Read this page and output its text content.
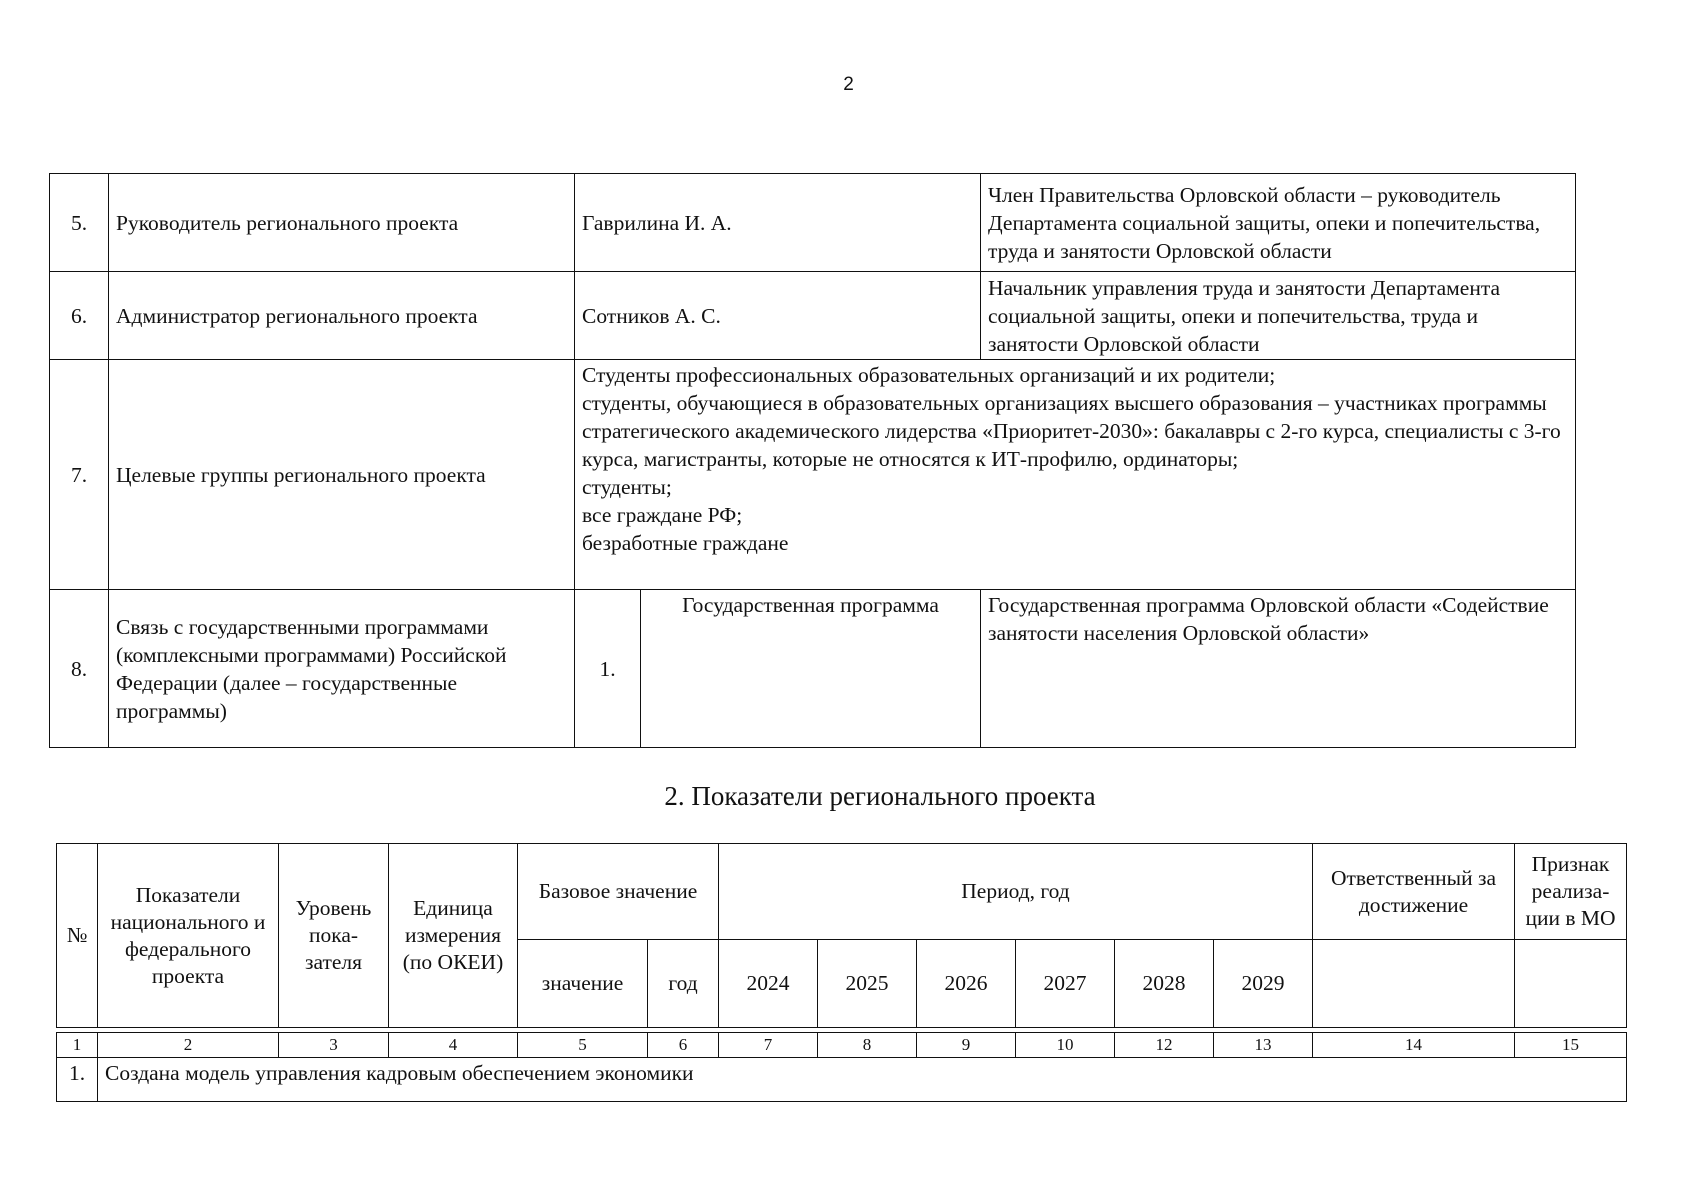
2
5.	Руководитель регионального проекта	Гаврилина И. А.		Член Правительства Орловской области – руководитель Департамента социальной защиты, опеки и попечительства, труда и занятости Орловской области
6.	Администратор регионального проекта	Сотников А. С.		Начальник управления труда и занятости Департамента социальной защиты, опеки и попечительства, труда и занятости Орловской области
7.	Целевые группы регионального проекта	Студенты профессиональных образовательных организаций и их родители;
студенты, обучающиеся в образовательных организациях высшего образования – участниках программы стратегического академического лидерства «Приоритет-2030»: бакалавры с 2-го курса, специалисты с 3-го курса, магистранты, которые не относятся к ИТ-профилю, ординаторы;
студенты;
все граждане РФ;
безработные граждане		

8.	Связь с государственными программами (комплексными программами) Российской Федерации (далее – государственные программы)	1.	Государственная программа	Государственная программа Орловской области «Содействие занятости населения Орловской области»
2. Показатели регионального проекта
№	Показатели национального и федерального проекта	Уровень пока-зателя	Единица измерения (по ОКЕИ)	Базовое значение		Период, год						Ответственный за достижение	Признак реализа-ции в МО
				значение	год	2024	2025	2026	2027	2028	2029		

1	2	3	4	5	6	7	8	9	10	12	13	14	15
1.	Создана модель управления кадровым обеспечением экономики												
